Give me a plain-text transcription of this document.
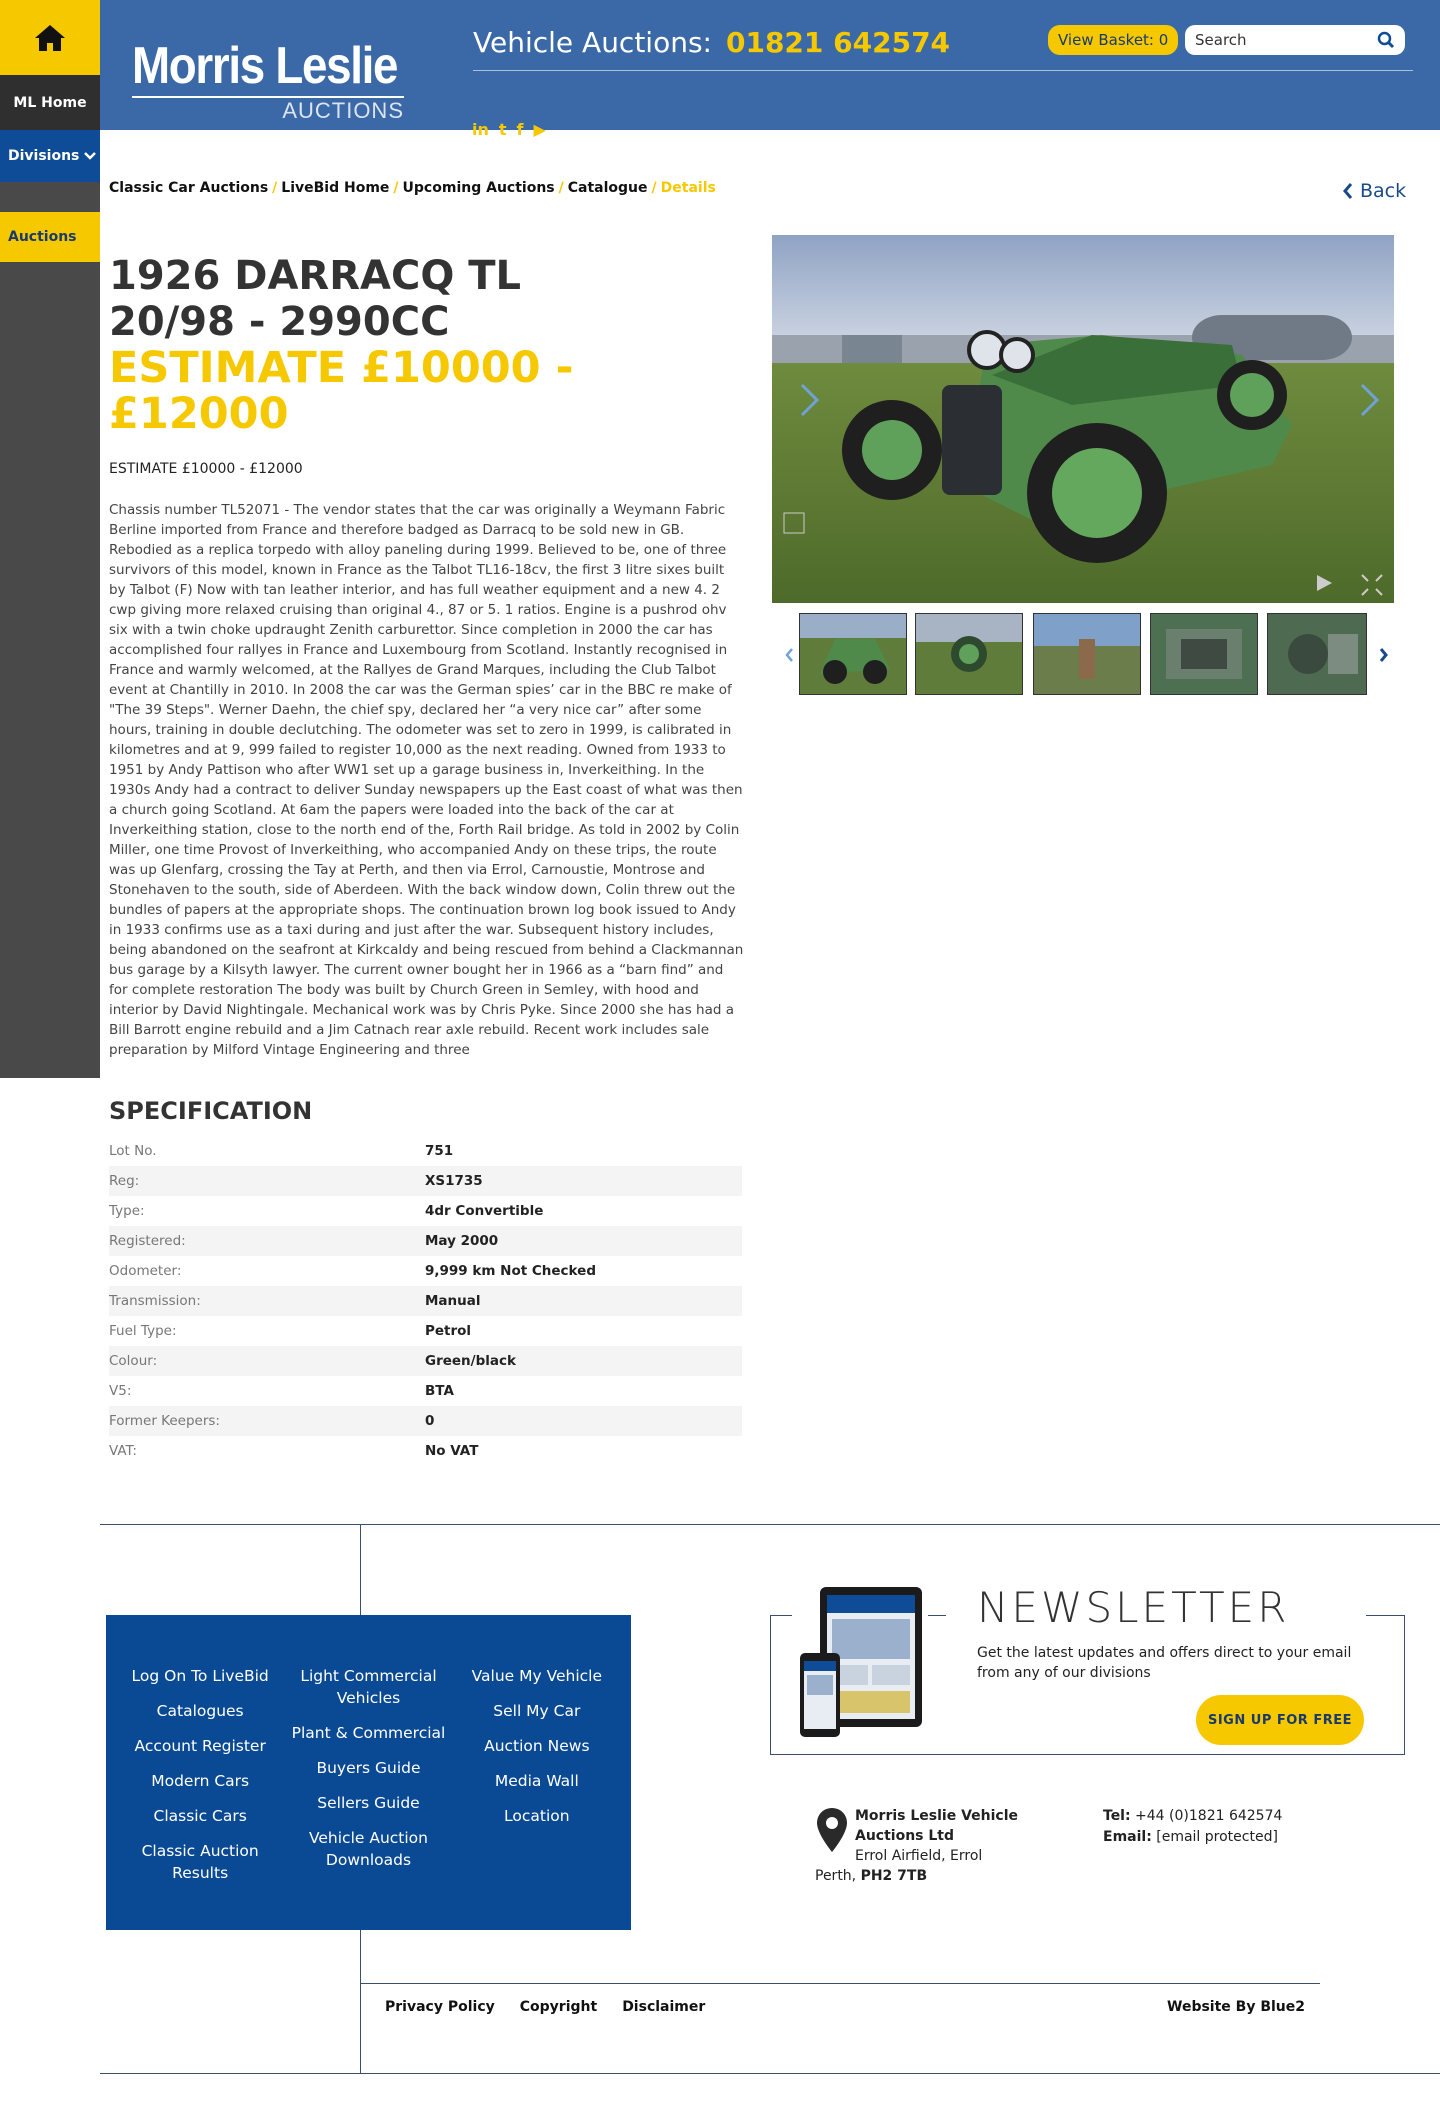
ML Home
Divisions
Auctions
Morris Leslie
AUCTIONS
Vehicle Auctions: 01821 642574	View Basket:
0
Search
in t f ▶
Classic Car Auctions / LiveBid Home / Upcoming Auctions / Catalogue / Details	Back
1926 DARRACQ TL 20/98 - 2990CC
ESTIMATE £10000 - £12000
ESTIMATE £10000 - £12000

Chassis number TL52071 - The vendor states that the car was originally a Weymann Fabric Berline imported from France and therefore badged as Darracq to be sold new in GB. Rebodied as a replica torpedo with alloy paneling during 1999. Believed to be, one of three survivors of this model, known in France as the Talbot TL16-18cv, the first 3 litre sixes built by Talbot (F) Now with tan leather interior, and has full weather equipment and a new 4. 2 cwp giving more relaxed cruising than original 4., 87 or 5. 1 ratios. Engine is a pushrod ohv six with a twin choke updraught Zenith carburettor. Since completion in 2000 the car has accomplished four rallyes in France and Luxembourg from Scotland. Instantly recognised in France and warmly welcomed, at the Rallyes de Grand Marques, including the Club Talbot event at Chantilly in 2010. In 2008 the car was the German spies’ car in the BBC re make of "The 39 Steps". Werner Daehn, the chief spy, declared her “a very nice car” after some hours, training in double declutching. The odometer was set to zero in 1999, is calibrated in kilometres and at 9, 999 failed to register 10,000 as the next reading. Owned from 1933 to 1951 by Andy Pattison who after WW1 set up a garage business in, Inverkeithing. In the 1930s Andy had a contract to deliver Sunday newspapers up the East coast of what was then a church going Scotland. At 6am the papers were loaded into the back of the car at Inverkeithing station, close to the north end of the, Forth Rail bridge. As told in 2002 by Colin Miller, one time Provost of Inverkeithing, who accompanied Andy on these trips, the route was up Glenfarg, crossing the Tay at Perth, and then via Errol, Carnoustie, Montrose and Stonehaven to the south, side of Aberdeen. With the back window down, Colin threw out the bundles of papers at the appropriate shops. The continuation brown log book issued to Andy in 1933 confirms use as a taxi during and just after the war. Subsequent history includes, being abandoned on the seafront at Kirkcaldy and being rescued from behind a Clackmannan bus garage by a Kilsyth lawyer. The current owner bought her in 1966 as a “barn find” and for complete restoration The body was built by Church Green in Semley, with hood and interior by David Nightingale. Mechanical work was by Chris Pyke. Since 2000 she has had a Bill Barrott engine rebuild and a Jim Catnach rear axle rebuild. Recent work includes sale preparation by Milford Vintage Engineering and three

SPECIFICATION
Lot No.	751
Reg:	XS1735
Type:	4dr Convertible
Registered:	May 2000
Odometer:	9,999 km Not Checked
Transmission:	Manual
Fuel Type:	Petrol
Colour:	Green/black
V5:	BTA
Former Keepers:	0
VAT:	No VAT
Log On To LiveBid
Catalogues
Account Register
Modern Cars
Classic Cars
Classic Auction Results
Light Commercial Vehicles
Plant & Commercial
Buyers Guide
Sellers Guide
Vehicle Auction Downloads
Value My Vehicle
Sell My Car
Auction News
Media Wall
Location
NEWSLETTER
Get the latest updates and offers direct to your email from any of our divisions
SIGN UP FOR FREE
Morris Leslie Vehicle Auctions Ltd
Errol Airfield, Errol
Perth, PH2 7TB
Tel: +44 (0)1821 642574
Email: [email protected]
Privacy Policy Copyright Disclaimer	Website By Blue2
